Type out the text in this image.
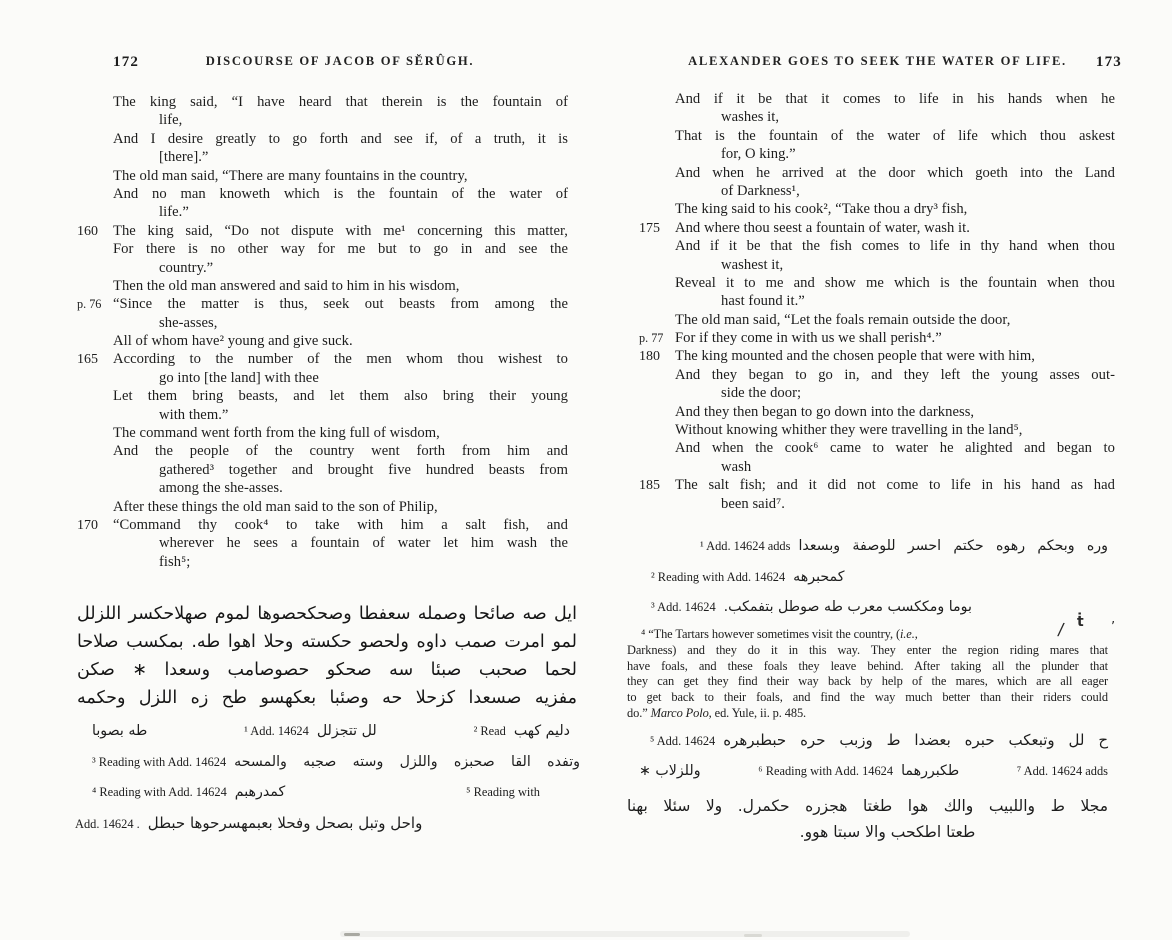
172	DISCOURSE OF JACOB OF SĔRÛGH.
The king said, “I have heard that therein is the fountain of
life,
And I desire greatly to go forth and see if, of a truth, it is
[there].”
The old man said, “There are many fountains in the country,
And no man knoweth which is the fountain of the water of
life.”
160	The king said, “Do not dispute with me¹ concerning this matter,
For there is no other way for me but to go in and see the
country.”
Then the old man answered and said to him in his wisdom,
p. 76 “Since the matter is thus, seek out beasts from among the
she-asses,
All of whom have² young and give suck.
165	According to the number of the men whom thou wishest to
go into [the land] with thee
Let them bring beasts, and let them also bring their young
with them.”
The command went forth from the king full of wisdom,
And the people of the country went forth from him and
gathered³ together and brought five hundred beasts from
among the she-asses.
After these things the old man said to the son of Philip,
170	“Command thy cook⁴ to take with him a salt fish, and
wherever he sees a fountain of water let him wash the
fish⁵;
ايل صه صائحا وصمله سعفطا وصحكحصوها لموم صهلاحكسر اللزلل
لمو امرت صمب داوه ولحصو حكسته وحلا اهوا طه. بمكسب صلاحا
لحما صحبب صبئا سه صحكو حصوصامب وسعدا ∗ صكن
مفزيه صسعدا كزحلا حه وصئبا بعكهسو طح زه اللزل وحكمه
طه بصوبا	¹ Add. 14624 لل تتجزلل	² Read دليم كهب
³ Reading with Add. 14624 وتفده القا صحبزه واللزل وسته صجبه والمسحه
⁴ Reading with Add. 14624 كمدرهبم	⁵ Reading with
Add. 14624 . واحل وتبل بصحل وفحلا بعبمهسرحوها حبطل
ALEXANDER GOES TO SEEK THE WATER OF LIFE.	173
And if it be that it comes to life in his hands when he
washes it,
That is the fountain of the water of life which thou askest
for, O king.”
And when he arrived at the door which goeth into the Land
of Darkness¹,
The king said to his cook², “Take thou a dry³ fish,
175	And where thou seest a fountain of water, wash it.
And if it be that the fish comes to life in thy hand when thou
washest it,
Reveal it to me and show me which is the fountain when thou
hast found it.”
The old man said, “Let the foals remain outside the door,
p. 77 For if they come in with us we shall perish⁴.”
180	The king mounted and the chosen people that were with him,
And they began to go in, and they left the young asses out-
side the door;
And they then began to go down into the darkness,
Without knowing whither they were travelling in the land⁵,
And when the cook⁶ came to water he alighted and began to
wash
185	The salt fish; and it did not come to life in his hand as had
been said⁷.
¹ Add. 14624 adds وره وبحكم رهوه حكتم احسر للوصفة وبسعدا
² Reading with Add. 14624 كمحبرهه
³ Add. 14624 بوما ومككسب معرب طه صوطل بتفمكب.
⁴ “The Tartars however sometimes visit the country, (i.e.,
Darkness) and they do it in this way. They enter the region riding mares that
have foals, and these foals they leave behind. After taking all the plunder that
they can get they find their way back by help of the mares, which are all eager
to get back to their foals, and find the way much better than their riders could
do.” Marco Polo, ed. Yule, ii. p. 485.
⁵ Add. 14624 ح لل وتبعكب حبره بعضدا ط وزبب حره حبطبرهره
وللزلاب ∗	⁶ Reading with Add. 14624 طكبررهما	⁷ Add. 14624 adds
مجلا ط واللبيب والك هوا طغتا هجزره حكمرل. ولا سئلا بهنا
طعتا اطكحب والا سبتا هوو.
/ ṫ ’
